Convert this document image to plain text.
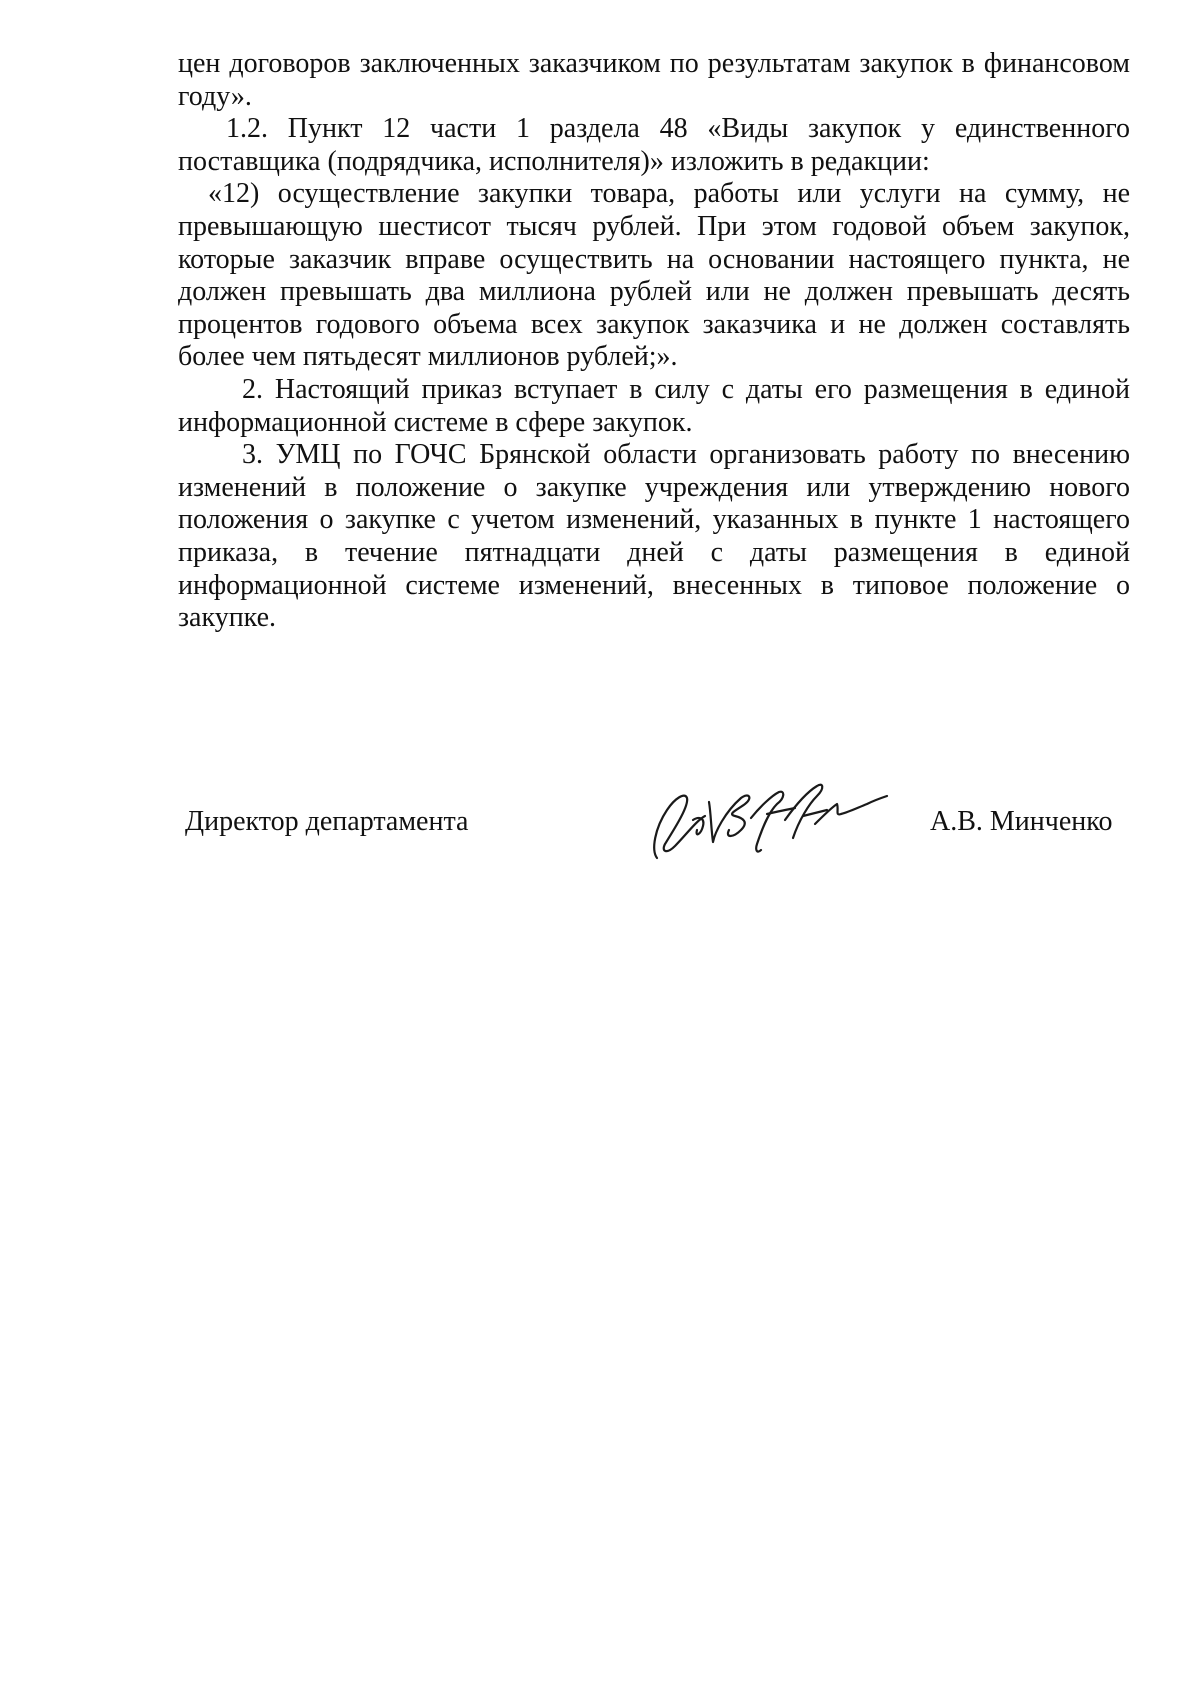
цен договоров заключенных заказчиком по результатам закупок в финансовом году».

1.2. Пункт 12 части 1 раздела 48 «Виды закупок у единственного поставщика (подрядчика, исполнителя)» изложить в редакции:

«12) осуществление закупки товара, работы или услуги на сумму, не превышающую шестисот тысяч рублей. При этом годовой объем закупок, которые заказчик вправе осуществить на основании настоящего пункта, не должен превышать два миллиона рублей или не должен превышать десять процентов годового объема всех закупок заказчика и не должен составлять более чем пятьдесят миллионов рублей;».

2. Настоящий приказ вступает в силу с даты его размещения в единой информационной системе в сфере закупок.

3. УМЦ по ГОЧС Брянской области организовать работу по внесению изменений в положение о закупке учреждения или утверждению нового положения о закупке с учетом изменений, указанных в пункте 1 настоящего приказа, в течение пятнадцати дней с даты размещения в единой информационной системе изменений, внесенных в типовое положение о закупке.

Директор департамента	А.В. Минченко
